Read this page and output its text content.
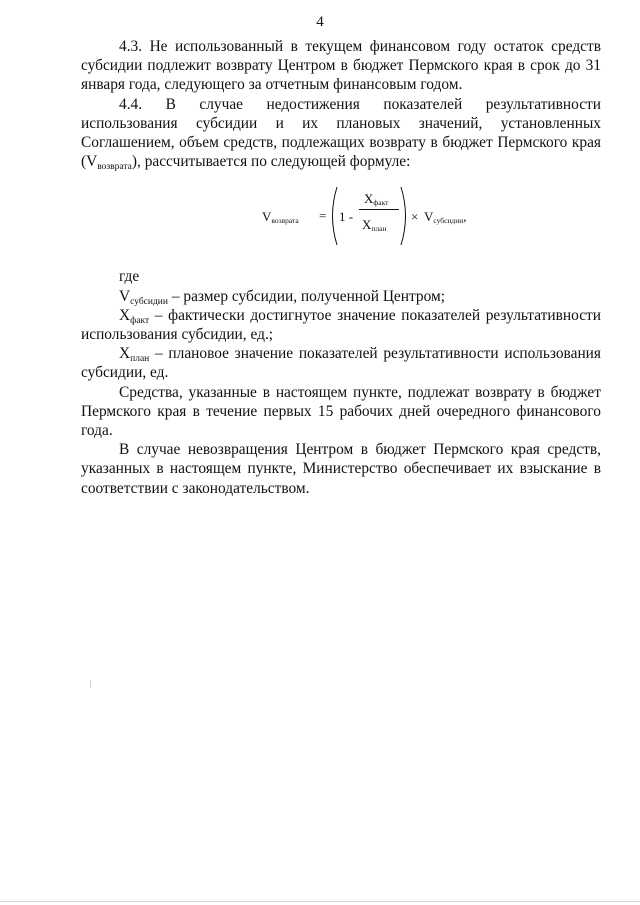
4

4.3. Не использованный в текущем финансовом году остаток средств субсидии подлежит возврату Центром в бюджет Пермского края в срок до 31 января года, следующего за отчетным финансовым годом.

4.4. В случае недостижения показателей результативности использования субсидии и их плановых значений, установленных Соглашением, объем средств, подлежащих возврату в бюджет Пермского края $(V_{возврата})$, рассчитывается по следующей формуле:

Vвозврата = 1 -
Xфакт
Xплан
× Vсубсидии,

где

$V_{субсидии}$ – размер субсидии, полученной Центром;

$X_{факт}$ – фактически достигнутое значение показателей результативности использования субсидии, ед.;

$X_{план}$ – плановое значение показателей результативности использования субсидии, ед.

Средства, указанные в настоящем пункте, подлежат возврату в бюджет Пермского края в течение первых 15 рабочих дней очередного финансового года.

В случае невозвращения Центром в бюджет Пермского края средств, указанных в настоящем пункте, Министерство обеспечивает их взыскание в соответствии с законодательством.
